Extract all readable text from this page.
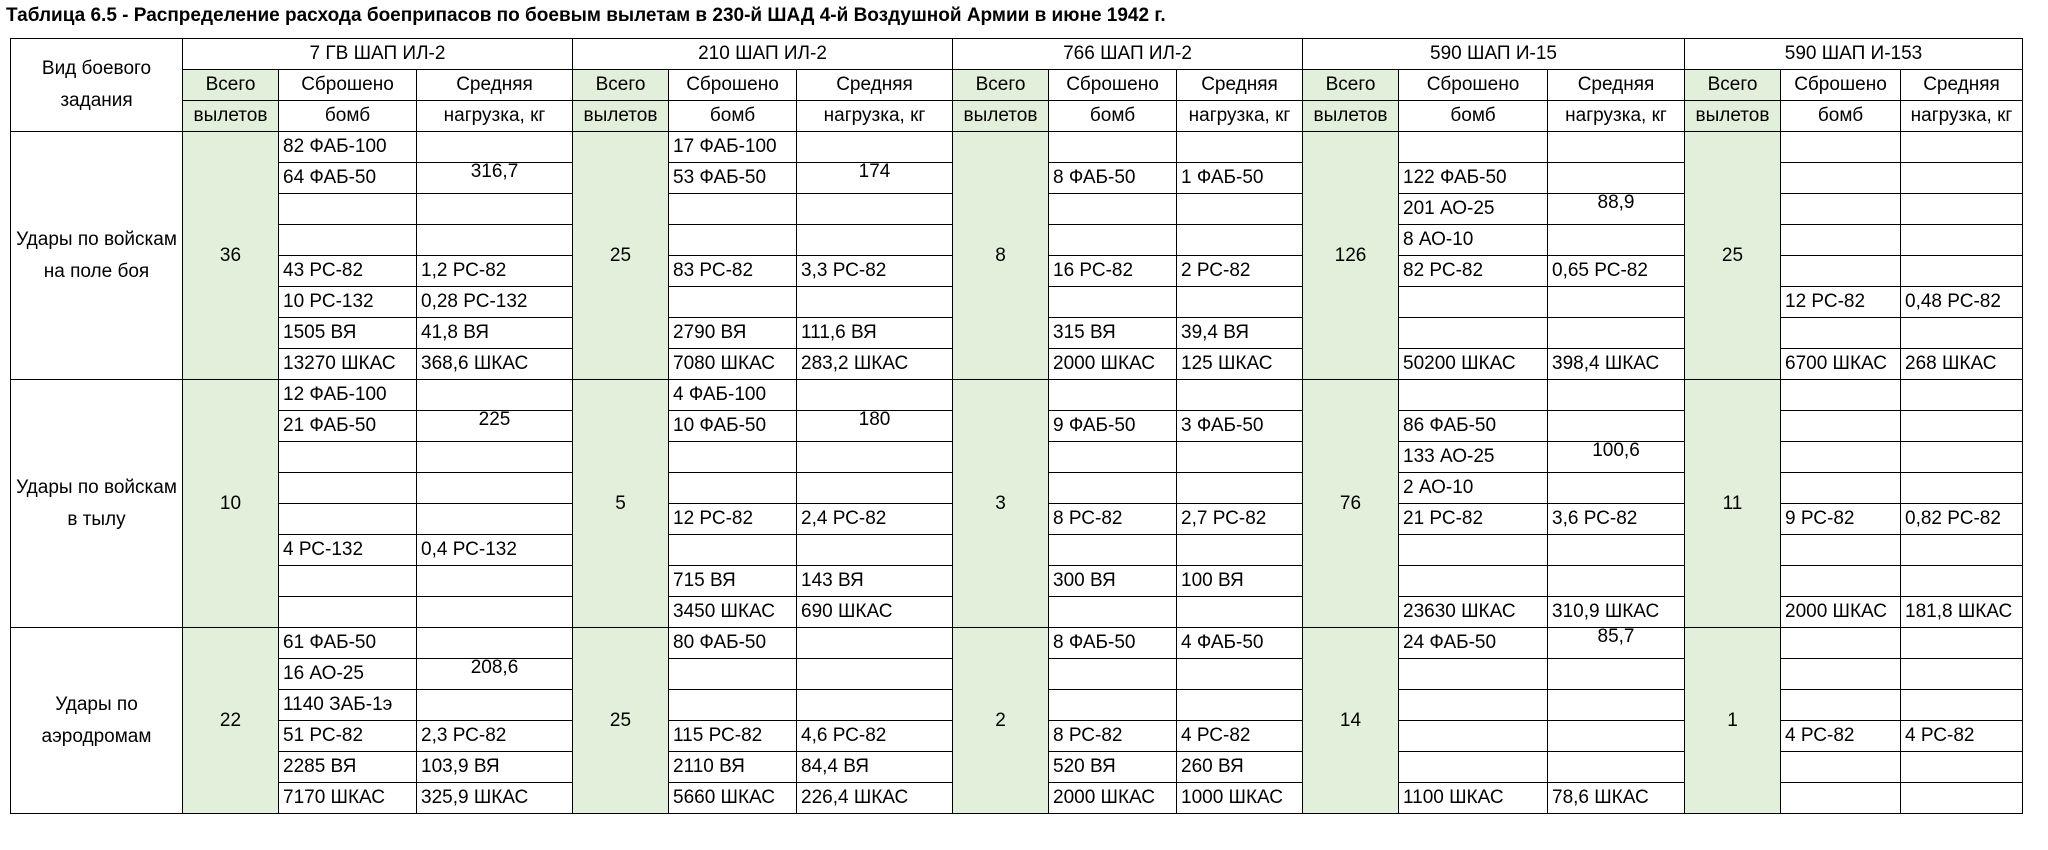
Таблица 6.5 - Распределение расхода боеприпасов по боевым вылетам в 230-й ШАД 4-й Воздушной Армии в июне 1942 г.
Вид боевого
задания	7 ГВ ШАП ИЛ-2			210 ШАП ИЛ-2			766 ШАП ИЛ-2			590 ШАП И-15			590 ШАП И-153		
	Всего	Сброшено	Средняя	Всего	Сброшено	Средняя	Всего	Сброшено	Средняя	Всего	Сброшено	Средняя	Всего	Сброшено	Средняя
	вылетов	бомб	нагрузка, кг	вылетов	бомб	нагрузка, кг	вылетов	бомб	нагрузка, кг	вылетов	бомб	нагрузка, кг	вылетов	бомб	нагрузка, кг
Удары по войскам на поле боя	36	82 ФАБ-100		25	17 ФАБ-100		8			126			25		
		64 ФАБ-50	316,7		53 ФАБ-50	174		8 ФАБ-50	1 ФАБ-50		122 ФАБ-50				
											201 АО-25	88,9			
											8 АО-10				
		43 РС-82	1,2 РС-82		83 РС-82	3,3 РС-82		16 РС-82	2 РС-82		82 РС-82	0,65 РС-82			
		10 РС-132	0,28 РС-132											12 РС-82	0,48 РС-82
		1505 ВЯ	41,8 ВЯ		2790 ВЯ	111,6 ВЯ		315 ВЯ	39,4 ВЯ						
		13270 ШКАС	368,6 ШКАС		7080 ШКАС	283,2 ШКАС		2000 ШКАС	125 ШКАС		50200 ШКАС	398,4 ШКАС		6700 ШКАС	268 ШКАС
Удары по войскам в тылу	10	12 ФАБ-100		5	4 ФАБ-100		3			76			11		
		21 ФАБ-50	225		10 ФАБ-50	180		9 ФАБ-50	3 ФАБ-50		86 ФАБ-50				
											133 АО-25	100,6			
											2 АО-10				
					12 РС-82	2,4 РС-82		8 РС-82	2,7 РС-82		21 РС-82	3,6 РС-82		9 РС-82	0,82 РС-82
		4 РС-132	0,4 РС-132												
					715 ВЯ	143 ВЯ		300 ВЯ	100 ВЯ						
					3450 ШКАС	690 ШКАС					23630 ШКАС	310,9 ШКАС		2000 ШКАС	181,8 ШКАС
Удары по аэродромам	22	61 ФАБ-50		25	80 ФАБ-50		2	8 ФАБ-50	4 ФАБ-50	14	24 ФАБ-50	85,7	1		
		16 АО-25	208,6												
		1140 ЗАБ-1э													
		51 РС-82	2,3 РС-82		115 РС-82	4,6 РС-82		8 РС-82	4 РС-82					4 РС-82	4 РС-82
		2285 ВЯ	103,9 ВЯ		2110 ВЯ	84,4 ВЯ		520 ВЯ	260 ВЯ						
		7170 ШКАС	325,9 ШКАС		5660 ШКАС	226,4 ШКАС		2000 ШКАС	1000 ШКАС		1100 ШКАС	78,6 ШКАС			
